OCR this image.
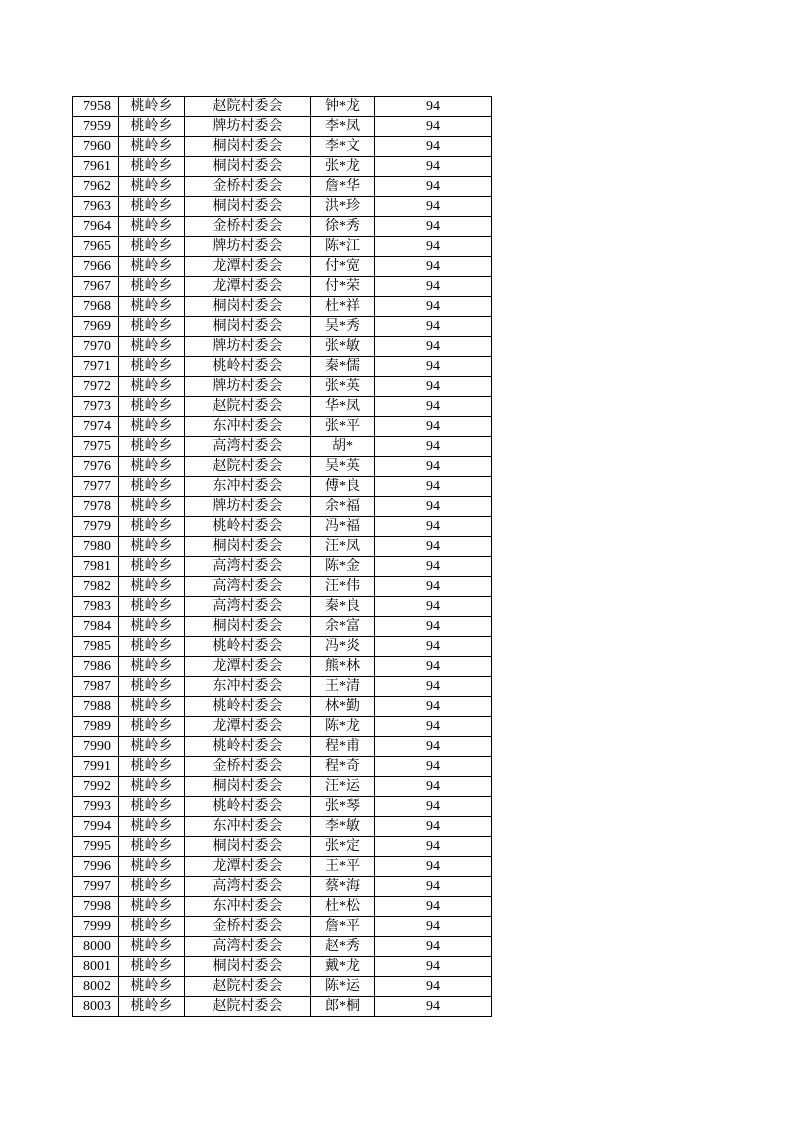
7958	桃岭乡	赵院村委会	钟*龙	94
7959	桃岭乡	牌坊村委会	李*凤	94
7960	桃岭乡	桐岗村委会	李*文	94
7961	桃岭乡	桐岗村委会	张*龙	94
7962	桃岭乡	金桥村委会	詹*华	94
7963	桃岭乡	桐岗村委会	洪*珍	94
7964	桃岭乡	金桥村委会	徐*秀	94
7965	桃岭乡	牌坊村委会	陈*江	94
7966	桃岭乡	龙潭村委会	付*宽	94
7967	桃岭乡	龙潭村委会	付*荣	94
7968	桃岭乡	桐岗村委会	杜*祥	94
7969	桃岭乡	桐岗村委会	吴*秀	94
7970	桃岭乡	牌坊村委会	张*敏	94
7971	桃岭乡	桃岭村委会	秦*儒	94
7972	桃岭乡	牌坊村委会	张*英	94
7973	桃岭乡	赵院村委会	华*凤	94
7974	桃岭乡	东冲村委会	张*平	94
7975	桃岭乡	高湾村委会	胡*	94
7976	桃岭乡	赵院村委会	吴*英	94
7977	桃岭乡	东冲村委会	傅*良	94
7978	桃岭乡	牌坊村委会	余*福	94
7979	桃岭乡	桃岭村委会	冯*福	94
7980	桃岭乡	桐岗村委会	汪*凤	94
7981	桃岭乡	高湾村委会	陈*金	94
7982	桃岭乡	高湾村委会	汪*伟	94
7983	桃岭乡	高湾村委会	秦*良	94
7984	桃岭乡	桐岗村委会	余*富	94
7985	桃岭乡	桃岭村委会	冯*炎	94
7986	桃岭乡	龙潭村委会	熊*林	94
7987	桃岭乡	东冲村委会	王*清	94
7988	桃岭乡	桃岭村委会	林*勤	94
7989	桃岭乡	龙潭村委会	陈*龙	94
7990	桃岭乡	桃岭村委会	程*甫	94
7991	桃岭乡	金桥村委会	程*奇	94
7992	桃岭乡	桐岗村委会	汪*运	94
7993	桃岭乡	桃岭村委会	张*琴	94
7994	桃岭乡	东冲村委会	李*敏	94
7995	桃岭乡	桐岗村委会	张*定	94
7996	桃岭乡	龙潭村委会	王*平	94
7997	桃岭乡	高湾村委会	蔡*海	94
7998	桃岭乡	东冲村委会	杜*松	94
7999	桃岭乡	金桥村委会	詹*平	94
8000	桃岭乡	高湾村委会	赵*秀	94
8001	桃岭乡	桐岗村委会	戴*龙	94
8002	桃岭乡	赵院村委会	陈*运	94
8003	桃岭乡	赵院村委会	郎*桐	94
